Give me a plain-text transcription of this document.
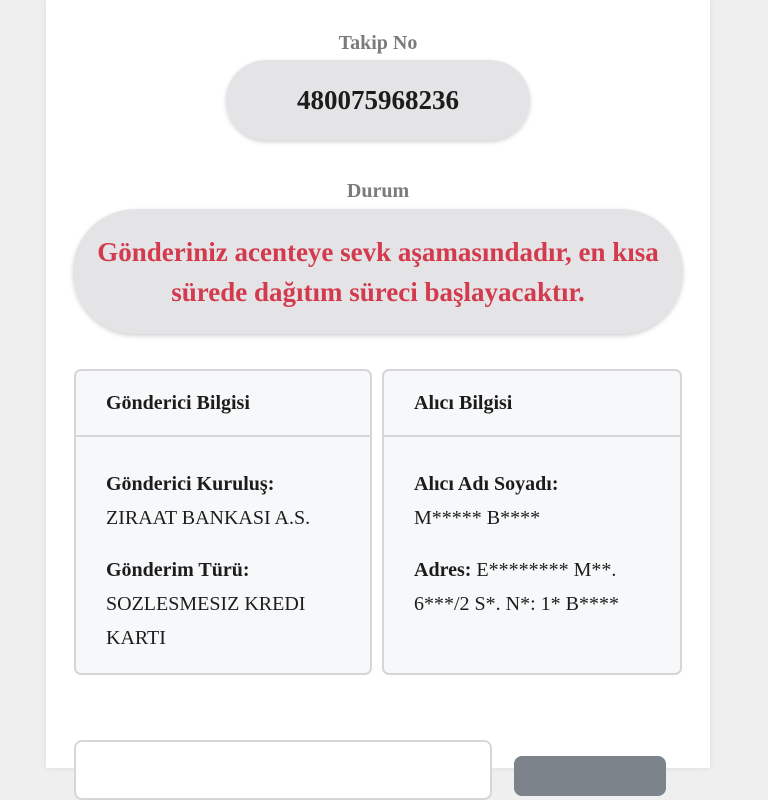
Takip No
480075968236
Durum
Gönderiniz acenteye sevk aşamasındadır, en kısa sürede dağıtım süreci başlayacaktır.
Gönderici Bilgisi
Gönderici Kuruluş:
ZIRAAT BANKASI A.S.
Gönderim Türü:
SOZLESMESIZ KREDI KARTI
Alıcı Bilgisi
Alıcı Adı Soyadı:
M***** B****
Adres: E******** M**. 6***/2 S*. N*: 1* B****
